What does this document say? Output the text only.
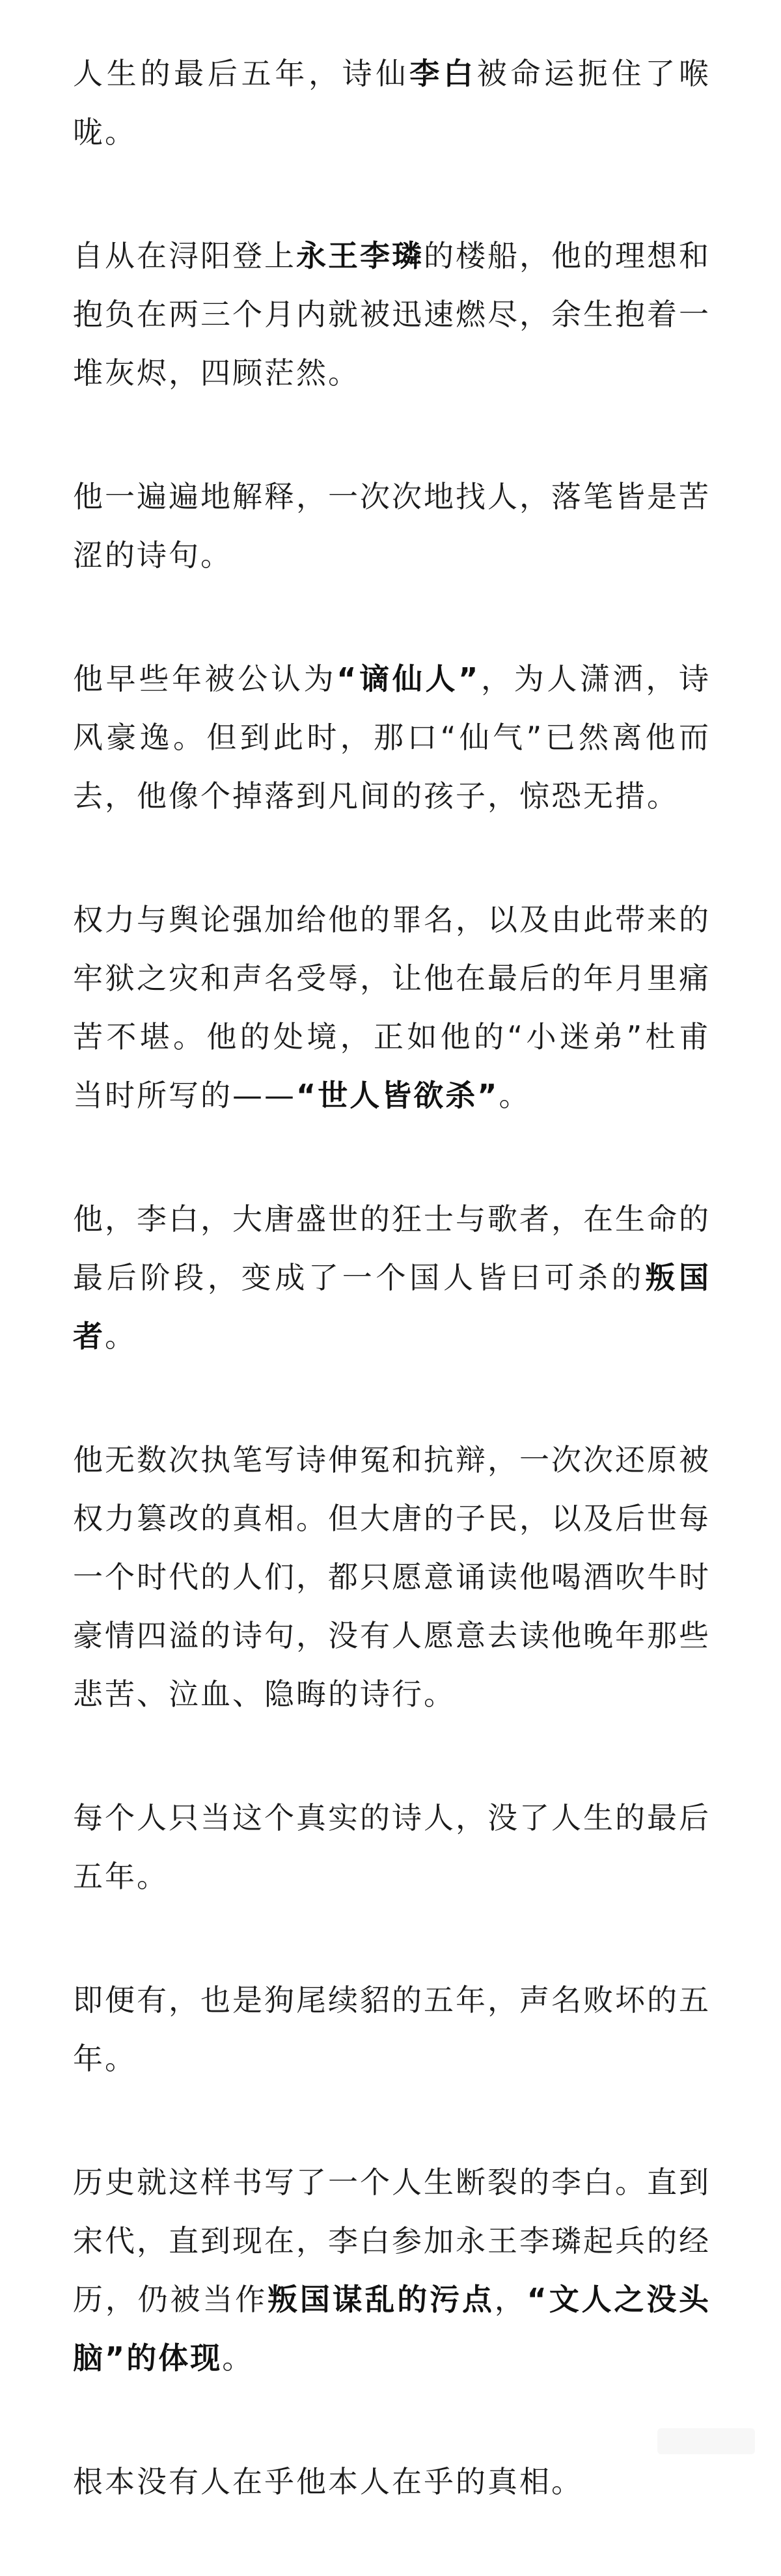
人生的最后五年，诗仙李白被命运扼住了喉咙。

自从在浔阳登上永王李璘的楼船，他的理想和抱负在两三个月内就被迅速燃尽，余生抱着一堆灰烬，四顾茫然。

他一遍遍地解释，一次次地找人，落笔皆是苦涩的诗句。

他早些年被公认为“谪仙人”，为人潇洒，诗风豪逸。但到此时，那口“仙气”已然离他而去，他像个掉落到凡间的孩子，惊恐无措。

权力与舆论强加给他的罪名，以及由此带来的牢狱之灾和声名受辱，让他在最后的年月里痛苦不堪。他的处境，正如他的“小迷弟”杜甫当时所写的——“世人皆欲杀”。

他，李白，大唐盛世的狂士与歌者，在生命的最后阶段，变成了一个国人皆曰可杀的叛国者。

他无数次执笔写诗伸冤和抗辩，一次次还原被权力篡改的真相。但大唐的子民，以及后世每一个时代的人们，都只愿意诵读他喝酒吹牛时豪情四溢的诗句，没有人愿意去读他晚年那些悲苦、泣血、隐晦的诗行。

每个人只当这个真实的诗人，没了人生的最后五年。

即便有，也是狗尾续貂的五年，声名败坏的五年。

历史就这样书写了一个人生断裂的李白。直到宋代，直到现在，李白参加永王李璘起兵的经历，仍被当作叛国谋乱的污点，“文人之没头脑”的体现。

根本没有人在乎他本人在乎的真相。
